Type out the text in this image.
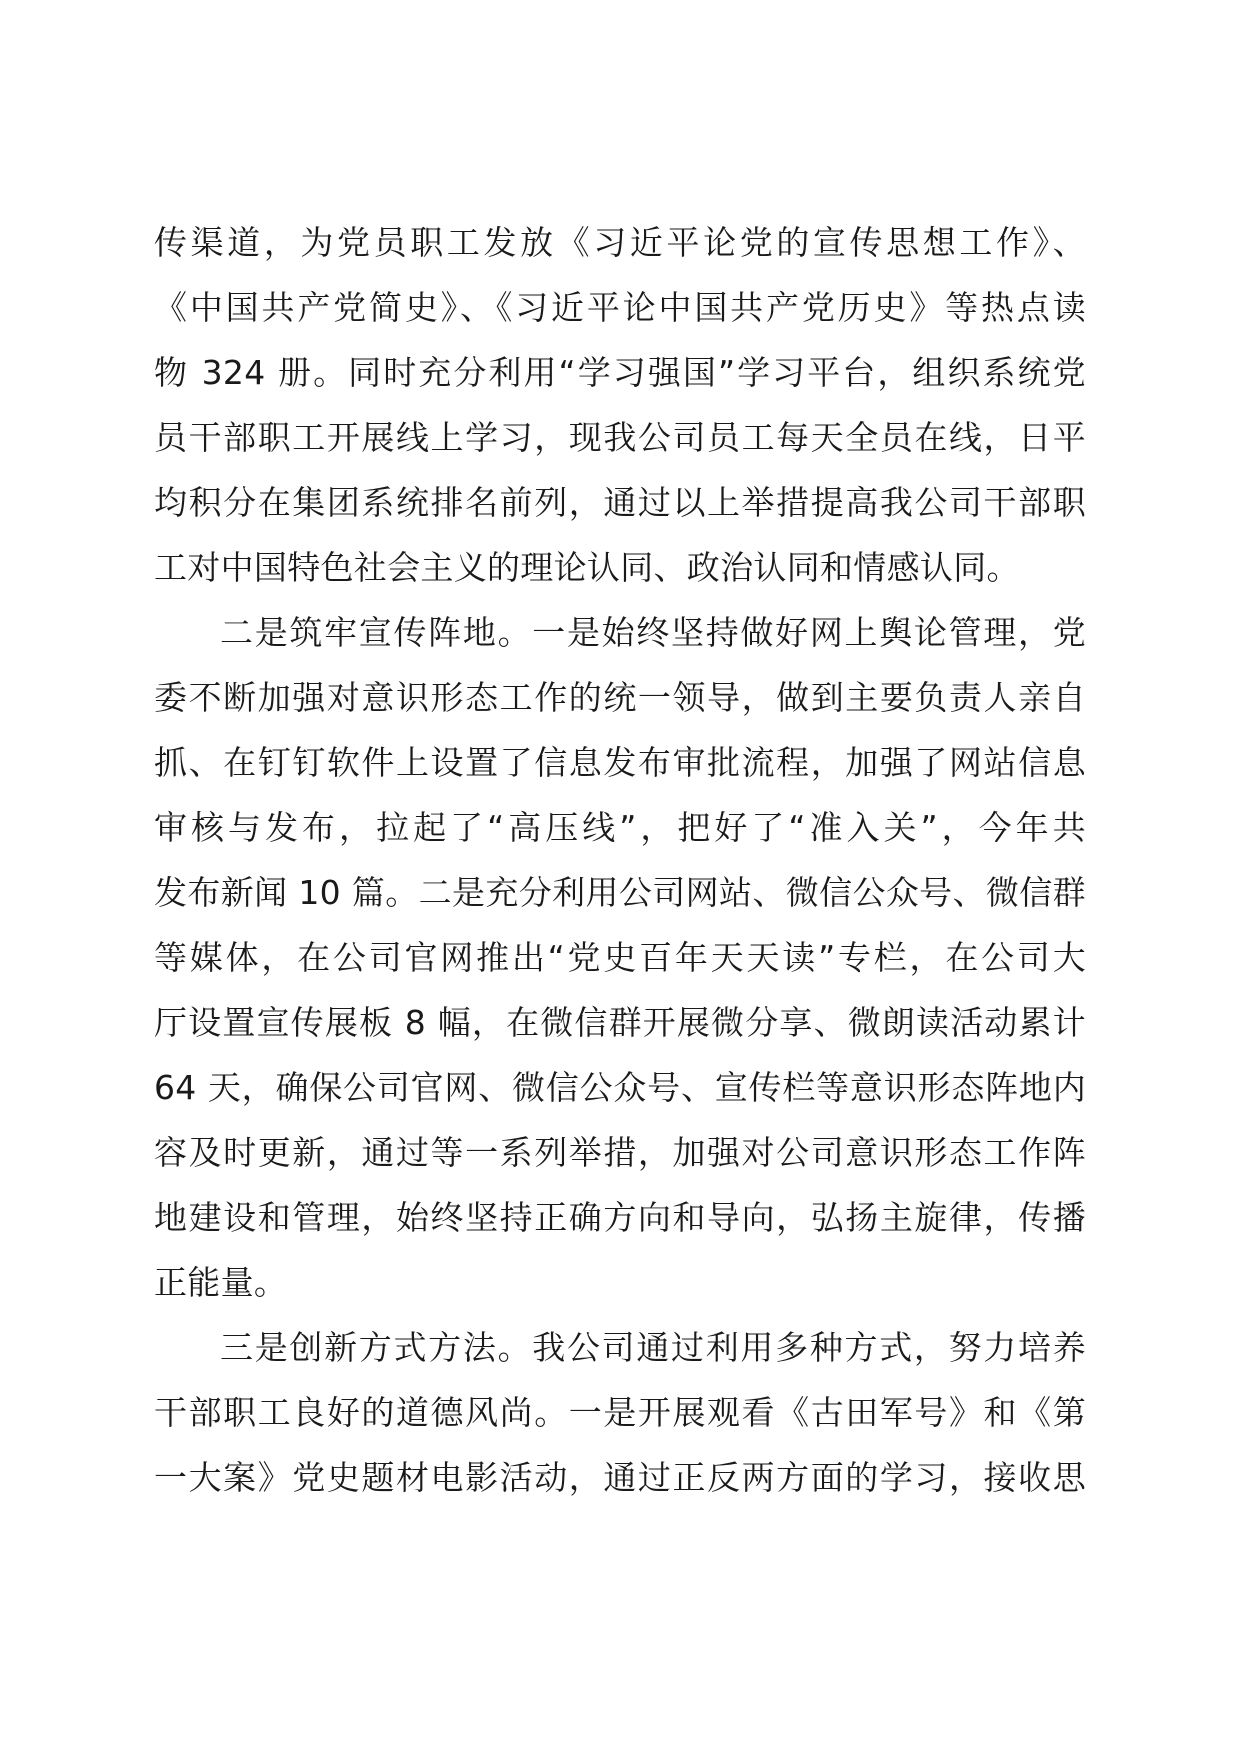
传渠道，为党员职工发放《习近平论党的宣传思想工作》、
《中国共产党简史》、《习近平论中国共产党历史》等热点读
物 324 册。同时充分利用“学习强国”学习平台，组织系统党
员干部职工开展线上学习，现我公司员工每天全员在线，日平
均积分在集团系统排名前列，通过以上举措提高我公司干部职
工对中国特色社会主义的理论认同、政治认同和情感认同。
二是筑牢宣传阵地。一是始终坚持做好网上舆论管理，党
委不断加强对意识形态工作的统一领导，做到主要负责人亲自
抓、在钉钉软件上设置了信息发布审批流程，加强了网站信息
审核与发布，拉起了“高压线”，把好了“准入关”，今年共
发布新闻 10 篇。二是充分利用公司网站、微信公众号、微信群
等媒体，在公司官网推出“党史百年天天读”专栏，在公司大
厅设置宣传展板 8 幅，在微信群开展微分享、微朗读活动累计
64 天，确保公司官网、微信公众号、宣传栏等意识形态阵地内
容及时更新，通过等一系列举措，加强对公司意识形态工作阵
地建设和管理，始终坚持正确方向和导向，弘扬主旋律，传播
正能量。
三是创新方式方法。我公司通过利用多种方式，努力培养
干部职工良好的道德风尚。一是开展观看《古田军号》和《第
一大案》党史题材电影活动，通过正反两方面的学习，接收思
